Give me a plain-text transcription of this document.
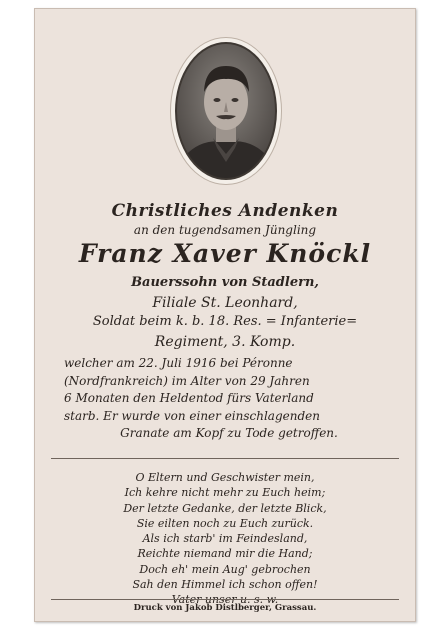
Christliches Andenken
an den tugendsamen Jüngling
Franz Xaver Knöckl
Bauerssohn von Stadlern,
Filiale St. Leonhard,
Soldat beim k. b. 18. Res. = Infanterie=
Regiment, 3. Komp.
welcher am 22. Juli 1916 bei Péronne
(Nordfrankreich) im Alter von 29 Jahren
6 Monaten den Heldentod fürs Vaterland
starb. Er wurde von einer einschlagenden
Granate am Kopf zu Tode getroffen.
O Eltern und Geschwister mein,
Ich kehre nicht mehr zu Euch heim;
Der letzte Gedanke, der letzte Blick,
Sie eilten noch zu Euch zurück.
Als ich starb' im Feindesland,
Reichte niemand mir die Hand;
Doch eh' mein Aug' gebrochen
Sah den Himmel ich schon offen!
Druck von Jakob Distlberger, Grassau.
